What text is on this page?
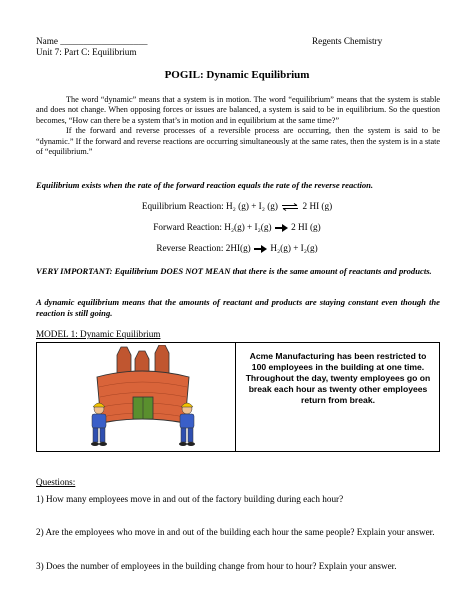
Name ___________________	Regents Chemistry
Unit 7: Part C: Equilibrium
POGIL: Dynamic Equilibrium

The word “dynamic” means that a system is in motion. The word “equilibrium” means that the system is stable and does not change. When opposing forces or issues are balanced, a system is said to be in equilibrium. So the question becomes, “How can there be a system that’s in motion and in equilibrium at the same time?”

If the forward and reverse processes of a reversible process are occurring, then the system is said to be “dynamic.” If the forward and reverse reactions are occurring simultaneously at the same rates, then the system is in a state of “equilibrium.”

Equilibrium exists when the rate of the forward reaction equals the rate of the reverse reaction.
Equilibrium Reaction: H₂ (g) + I₂ (g) ⇌ 2 HI (g)
Forward Reaction: H₂(g) + I₂(g) 2 HI (g)
Reverse Reaction: 2HI(g) H₂(g) + I₂(g)
VERY IMPORTANT: Equilibrium DOES NOT MEAN that there is the same amount of reactants and products.
A dynamic equilibrium means that the amounts of reactant and products are staying constant even though the reaction is still going.
MODEL 1: Dynamic Equilibrium
Acme Manufacturing has been restricted to 100 employees in the building at one time. Throughout the day, twenty employees go on break each hour as twenty other employees return from break.
Questions:
1) How many employees move in and out of the factory building during each hour?
2) Are the employees who move in and out of the building each hour the same people? Explain your answer.
3) Does the number of employees in the building change from hour to hour? Explain your answer.
